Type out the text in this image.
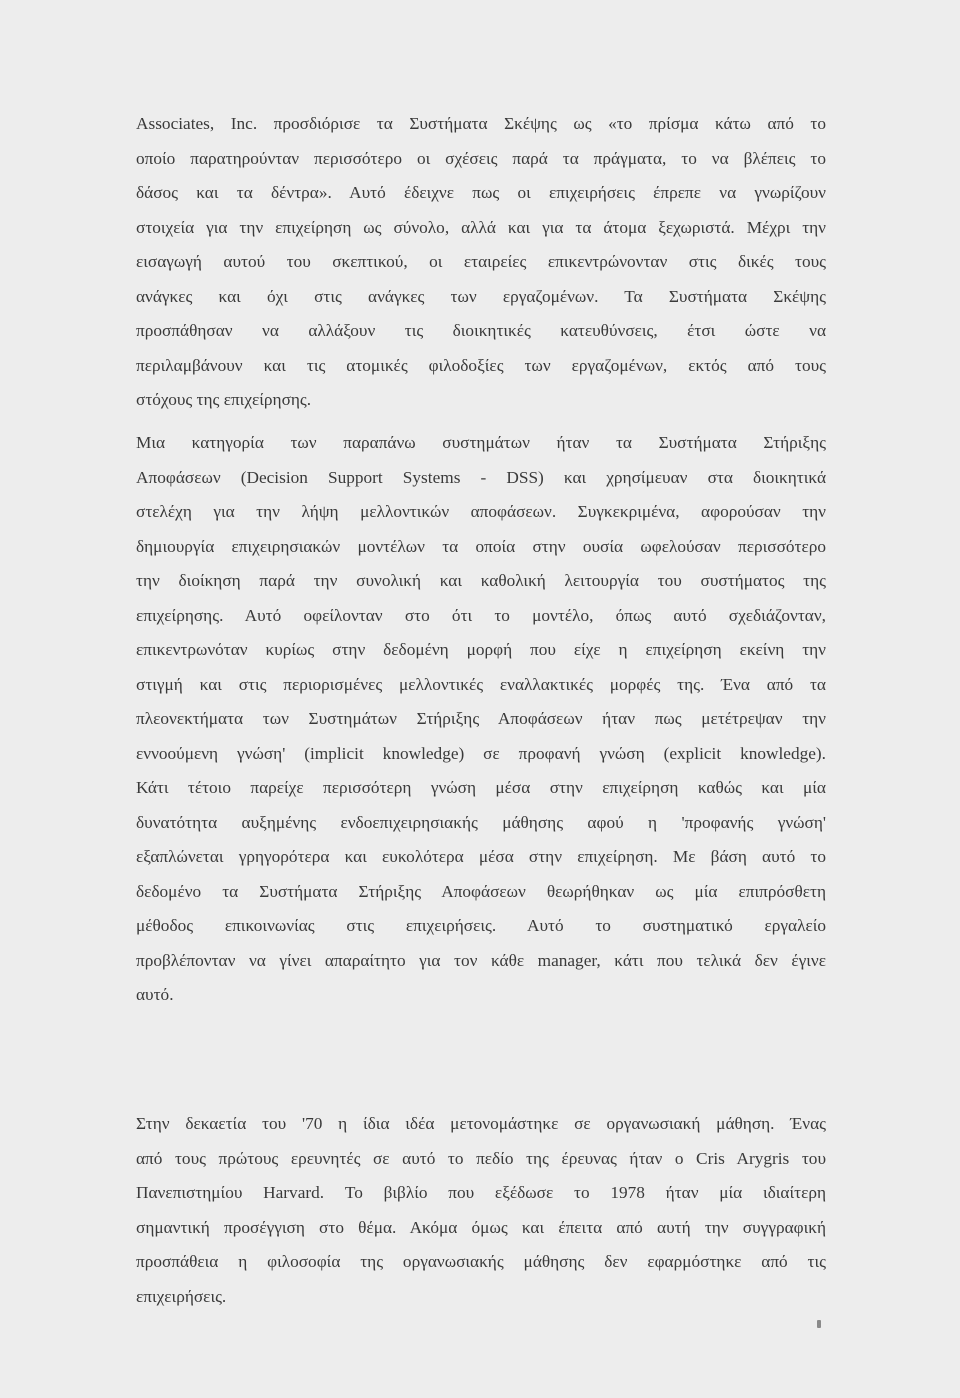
Associates, Inc. προσδιόρισε τα Συστήματα Σκέψης ως «το πρίσμα κάτω από το
οποίο παρατηρούνταν περισσότερο οι σχέσεις παρά τα πράγματα, το να βλέπεις το
δάσος και τα δέντρα». Αυτό έδειχνε πως οι επιχειρήσεις έπρεπε να γνωρίζουν
στοιχεία για την επιχείρηση ως σύνολο, αλλά και για τα άτομα ξεχωριστά. Μέχρι την
εισαγωγή αυτού του σκεπτικού, οι εταιρείες επικεντρώνονταν στις δικές τους
ανάγκες και όχι στις ανάγκες των εργαζομένων. Τα Συστήματα Σκέψης
προσπάθησαν να αλλάξουν τις διοικητικές κατευθύνσεις, έτσι ώστε να
περιλαμβάνουν και τις ατομικές φιλοδοξίες των εργαζομένων, εκτός από τους
στόχους της επιχείρησης.

Μια κατηγορία των παραπάνω συστημάτων ήταν τα Συστήματα Στήριξης
Αποφάσεων (Decision Support Systems - DSS) και χρησίμευαν στα διοικητικά
στελέχη για την λήψη μελλοντικών αποφάσεων. Συγκεκριμένα, αφορούσαν την
δημιουργία επιχειρησιακών μοντέλων τα οποία στην ουσία ωφελούσαν περισσότερο
την διοίκηση παρά την συνολική και καθολική λειτουργία του συστήματος της
επιχείρησης. Αυτό οφείλονταν στο ότι το μοντέλο, όπως αυτό σχεδιάζονταν,
επικεντρωνόταν κυρίως στην δεδομένη μορφή που είχε η επιχείρηση εκείνη την
στιγμή και στις περιορισμένες μελλοντικές εναλλακτικές μορφές της. Ένα από τα
πλεονεκτήματα των Συστημάτων Στήριξης Αποφάσεων ήταν πως μετέτρεψαν την
εννοούμενη γνώση' (implicit knowledge) σε προφανή γνώση (explicit knowledge).
Κάτι τέτοιο παρείχε περισσότερη γνώση μέσα στην επιχείρηση καθώς και μία
δυνατότητα αυξημένης ενδοεπιχειρησιακής μάθησης αφού η 'προφανής γνώση'
εξαπλώνεται γρηγορότερα και ευκολότερα μέσα στην επιχείρηση. Με βάση αυτό το
δεδομένο τα Συστήματα Στήριξης Αποφάσεων θεωρήθηκαν ως μία επιπρόσθετη
μέθοδος επικοινωνίας στις επιχειρήσεις. Αυτό το συστηματικό εργαλείο
προβλέπονταν να γίνει απαραίτητο για τον κάθε manager, κάτι που τελικά δεν έγινε
αυτό.

Στην δεκαετία του '70 η ίδια ιδέα μετονομάστηκε σε οργανωσιακή μάθηση. Ένας
από τους πρώτους ερευνητές σε αυτό το πεδίο της έρευνας ήταν ο Cris Arygris του
Πανεπιστημίου Harvard. Το βιβλίο που εξέδωσε το 1978 ήταν μία ιδιαίτερη
σημαντική προσέγγιση στο θέμα. Ακόμα όμως και έπειτα από αυτή την συγγραφική
προσπάθεια η φιλοσοφία της οργανωσιακής μάθησης δεν εφαρμόστηκε από τις
επιχειρήσεις.
